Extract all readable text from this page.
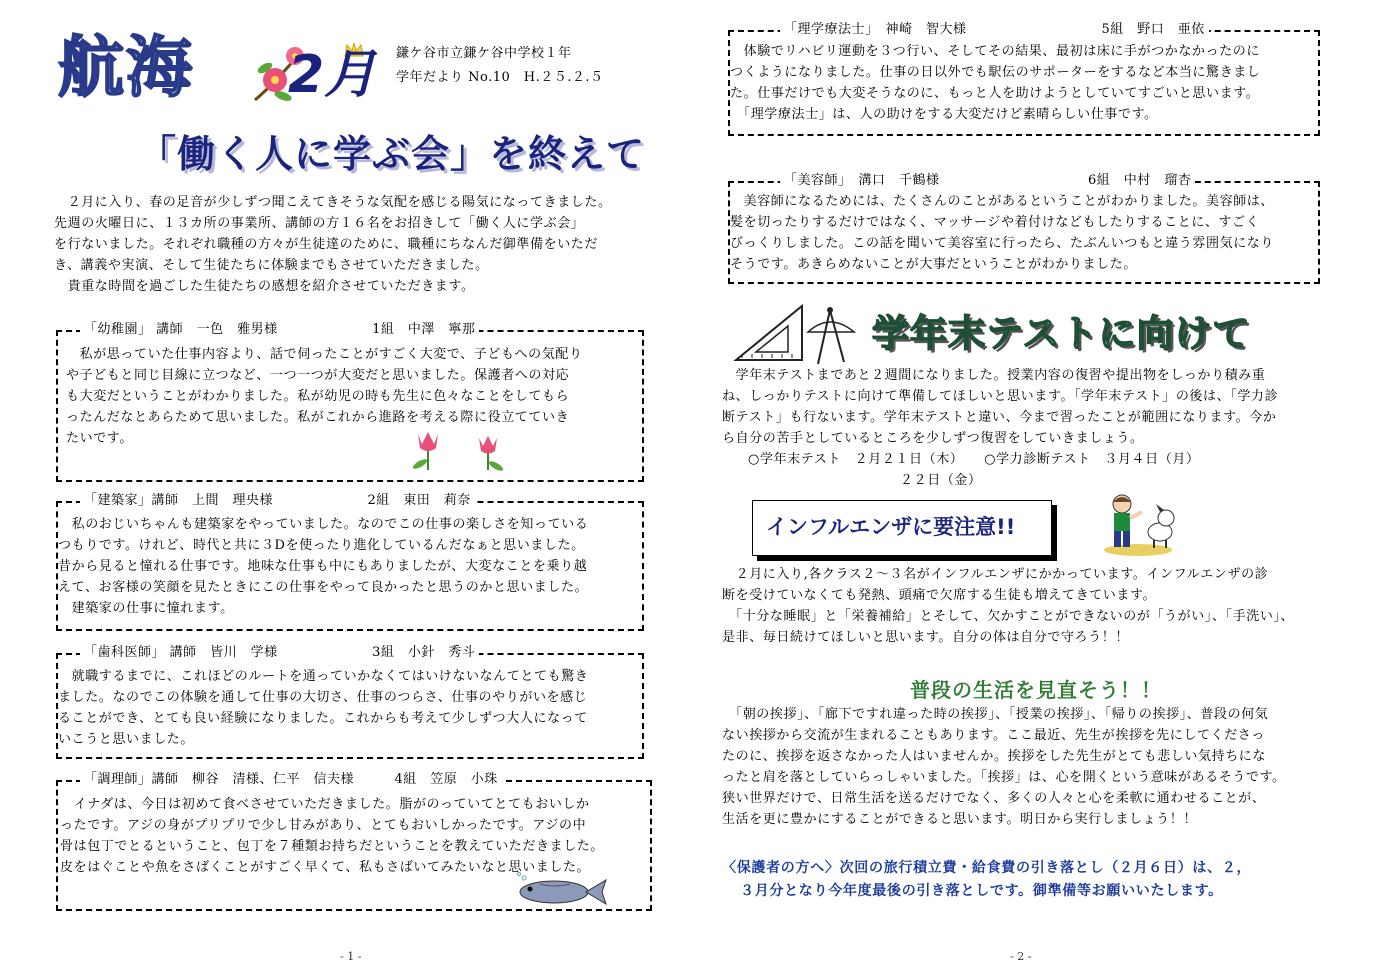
航海 2月 鎌ケ谷市立鎌ケ谷中学校１年
学年だより No.10　H.２５.２.５
「働く人に学ぶ会」を終えて
　２月に入り、春の足音が少しずつ聞こえてきそうな気配を感じる陽気になってきました。
先週の火曜日に、１３カ所の事業所、講師の方１６名をお招きして「働く人に学ぶ会」
を行ないました。それぞれ職種の方々が生徒達のために、職種にちなんだ御準備をいただ
き、講義や実演、そして生徒たちに体験までもさせていただきました。
　貴重な時間を過ごした生徒たちの感想を紹介させていただきます。
「幼稚園」 講師　一色　雅男様　　　　　　　1組　中澤　寧那
　私が思っていた仕事内容より、話で伺ったことがすごく大変で、子どもへの気配り
や子どもと同じ目線に立つなど、一つ一つが大変だと思いました。保護者への対応
も大変だということがわかりました。私が幼児の時も先生に色々なことをしてもら
ったんだなとあらためて思いました。私がこれから進路を考える際に役立てていき
たいです。
「建築家」講師　上間　理央様　　　　　　　2組　東田　莉奈
　私のおじいちゃんも建築家をやっていました。なのでこの仕事の楽しさを知っている
つもりです。けれど、時代と共に３Dを使ったり進化しているんだなぁと思いました。
昔から見ると憧れる仕事です。地味な仕事も中にもありましたが、大変なことを乗り越
えて、お客様の笑顔を見たときにこの仕事をやって良かったと思うのかと思いました。
　建築家の仕事に憧れます。
「歯科医師」 講師　皆川　学様　　　　　　　3組　小針　秀斗
　就職するまでに、これほどのルートを通っていかなくてはいけないなんてとても驚き
ました。なのでこの体験を通して仕事の大切さ、仕事のつらさ、仕事のやりがいを感じ
ることができ、とても良い経験になりました。これからも考えて少しずつ大人になって
いこうと思いました。
「調理師」講師　柳谷　清様、仁平　信夫様　　　4組　笠原　小珠
　イナダは、今日は初めて食べさせていただきました。脂がのっていてとてもおいしか
ったです。アジの身がプリプリで少し甘みがあり、とてもおいしかったです。アジの中
骨は包丁でとるということ、包丁を７種類お持ちだということを教えていただきました。
皮をはぐことや魚をさばくことがすごく早くて、私もさばいてみたいなと思いました。
- 1 -
「理学療法士」　神崎　智大様　　　　　　　　　　5組　野口　亜依
　体験でリハビリ運動を３つ行い、そしてその結果、最初は床に手がつかなかったのに
つくようになりました。仕事の日以外でも駅伝のサポーターをするなど本当に驚きまし
た。仕事だけでも大変そうなのに、もっと人を助けようとしていてすごいと思います。
　「理学療法士」は、人の助けをする大変だけど素晴らしい仕事です。
「美容師」　溝口　千鶴様　　　　　　　　　　　6組　中村　瑠杏
　美容師になるためには、たくさんのことがあるということがわかりました。美容師は、
髪を切ったりするだけではなく、マッサージや着付けなどもしたりすることに、すごく
びっくりしました。この話を聞いて美容室に行ったら、たぶんいつもと違う雰囲気になり
そうです。あきらめないことが大事だということがわかりました。
学年末テストに向けて
　学年末テストまであと２週間になりました。授業内容の復習や提出物をしっかり積み重
ね、しっかりテストに向けて準備してほしいと思います。「学年末テスト」の後は、「学力診
断テスト」も行ないます。学年末テストと違い、今まで習ったことが範囲になります。今か
ら自分の苦手としているところを少しずつ復習をしていきましょう。
○学年末テスト　２月２１日（木）　　○学力診断テスト　３月４日（月）
２２日（金）
インフルエンザに要注意!!
　２月に入り,各クラス２～３名がインフルエンザにかかっています。インフルエンザの診
断を受けていなくても発熱、頭痛で欠席する生徒も増えてきています。
　「十分な睡眠」と「栄養補給」とそして、欠かすことができないのが「うがい」、「手洗い」、
是非、毎日続けてほしいと思います。自分の体は自分で守ろう！！
普段の生活を見直そう！！
　「朝の挨拶」、「廊下ですれ違った時の挨拶」、「授業の挨拶」、「帰りの挨拶」、普段の何気
ない挨拶から交流が生まれることもあります。ここ最近、先生が挨拶を先にしてくださっ
たのに、挨拶を返さなかった人はいませんか。挨拶をした先生がとても悲しい気持ちにな
ったと肩を落としていらっしゃいました。「挨拶」は、心を開くという意味があるそうです。
狭い世界だけで、日常生活を送るだけでなく、多くの人々と心を柔軟に通わせることが、
生活を更に豊かにすることができると思います。明日から実行しましょう！！
〈保護者の方へ〉次回の旅行積立費・給食費の引き落とし（２月６日）は、２，
３月分となり今年度最後の引き落としです。御準備等お願いいたします。
- 2 -
